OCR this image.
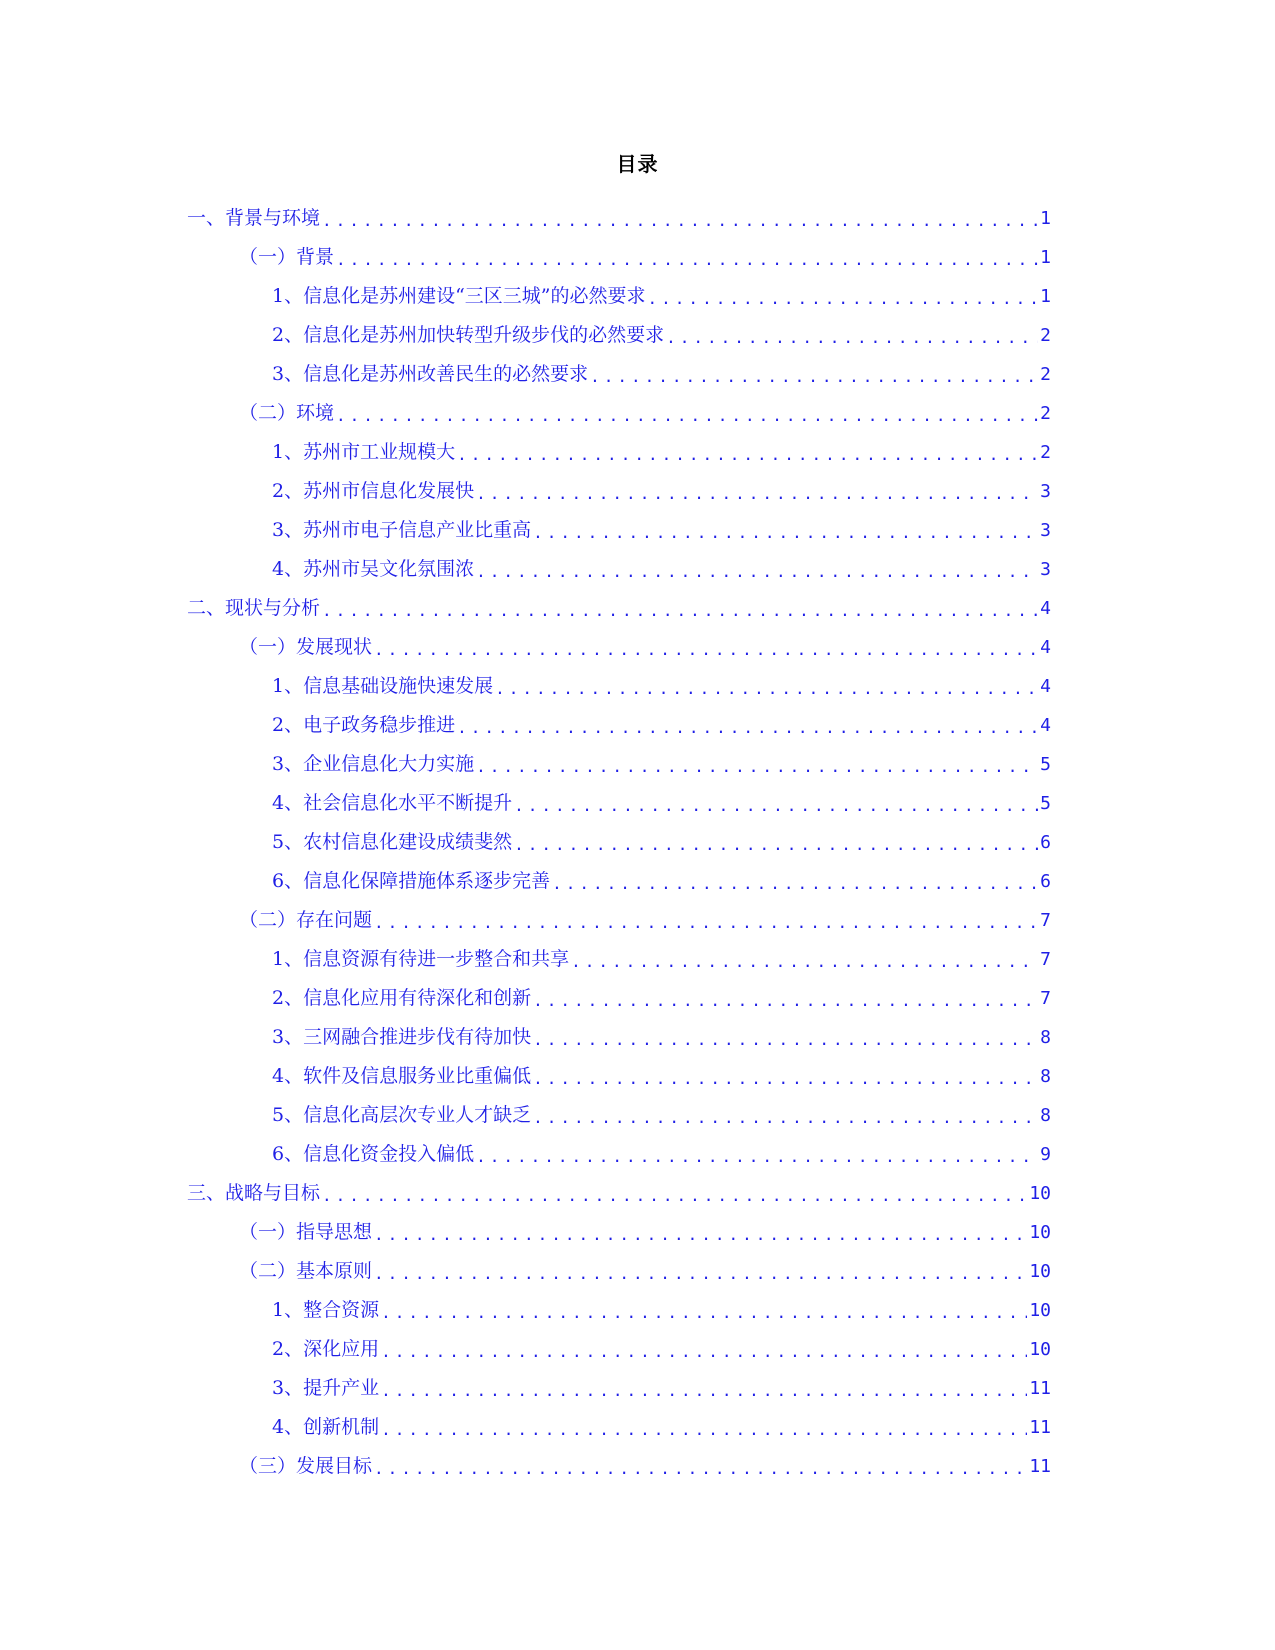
目录
一、背景与环境 .....	1
（一）背景 .....	1
1、信息化是苏州建设“三区三城”的必然要求 .....	1
2、信息化是苏州加快转型升级步伐的必然要求 .....	2
3、信息化是苏州改善民生的必然要求 .....	2
（二）环境 .....	2
1、苏州市工业规模大 .....	2
2、苏州市信息化发展快 .....	3
3、苏州市电子信息产业比重高 .....	3
4、苏州市吴文化氛围浓 .....	3
二、现状与分析 .....	4
（一）发展现状 .....	4
1、信息基础设施快速发展 .....	4
2、电子政务稳步推进 .....	4
3、企业信息化大力实施 .....	5
4、社会信息化水平不断提升 .....	5
5、农村信息化建设成绩斐然 .....	6
6、信息化保障措施体系逐步完善 .....	6
（二）存在问题 .....	7
1、信息资源有待进一步整合和共享 .....	7
2、信息化应用有待深化和创新 .....	7
3、三网融合推进步伐有待加快 .....	8
4、软件及信息服务业比重偏低 .....	8
5、信息化高层次专业人才缺乏 .....	8
6、信息化资金投入偏低 .....	9
三、战略与目标 .....	10
（一）指导思想 .....	10
（二）基本原则 .....	10
1、整合资源 .....	10
2、深化应用 .....	10
3、提升产业 .....	11
4、创新机制 .....	11
（三）发展目标 .....	11
